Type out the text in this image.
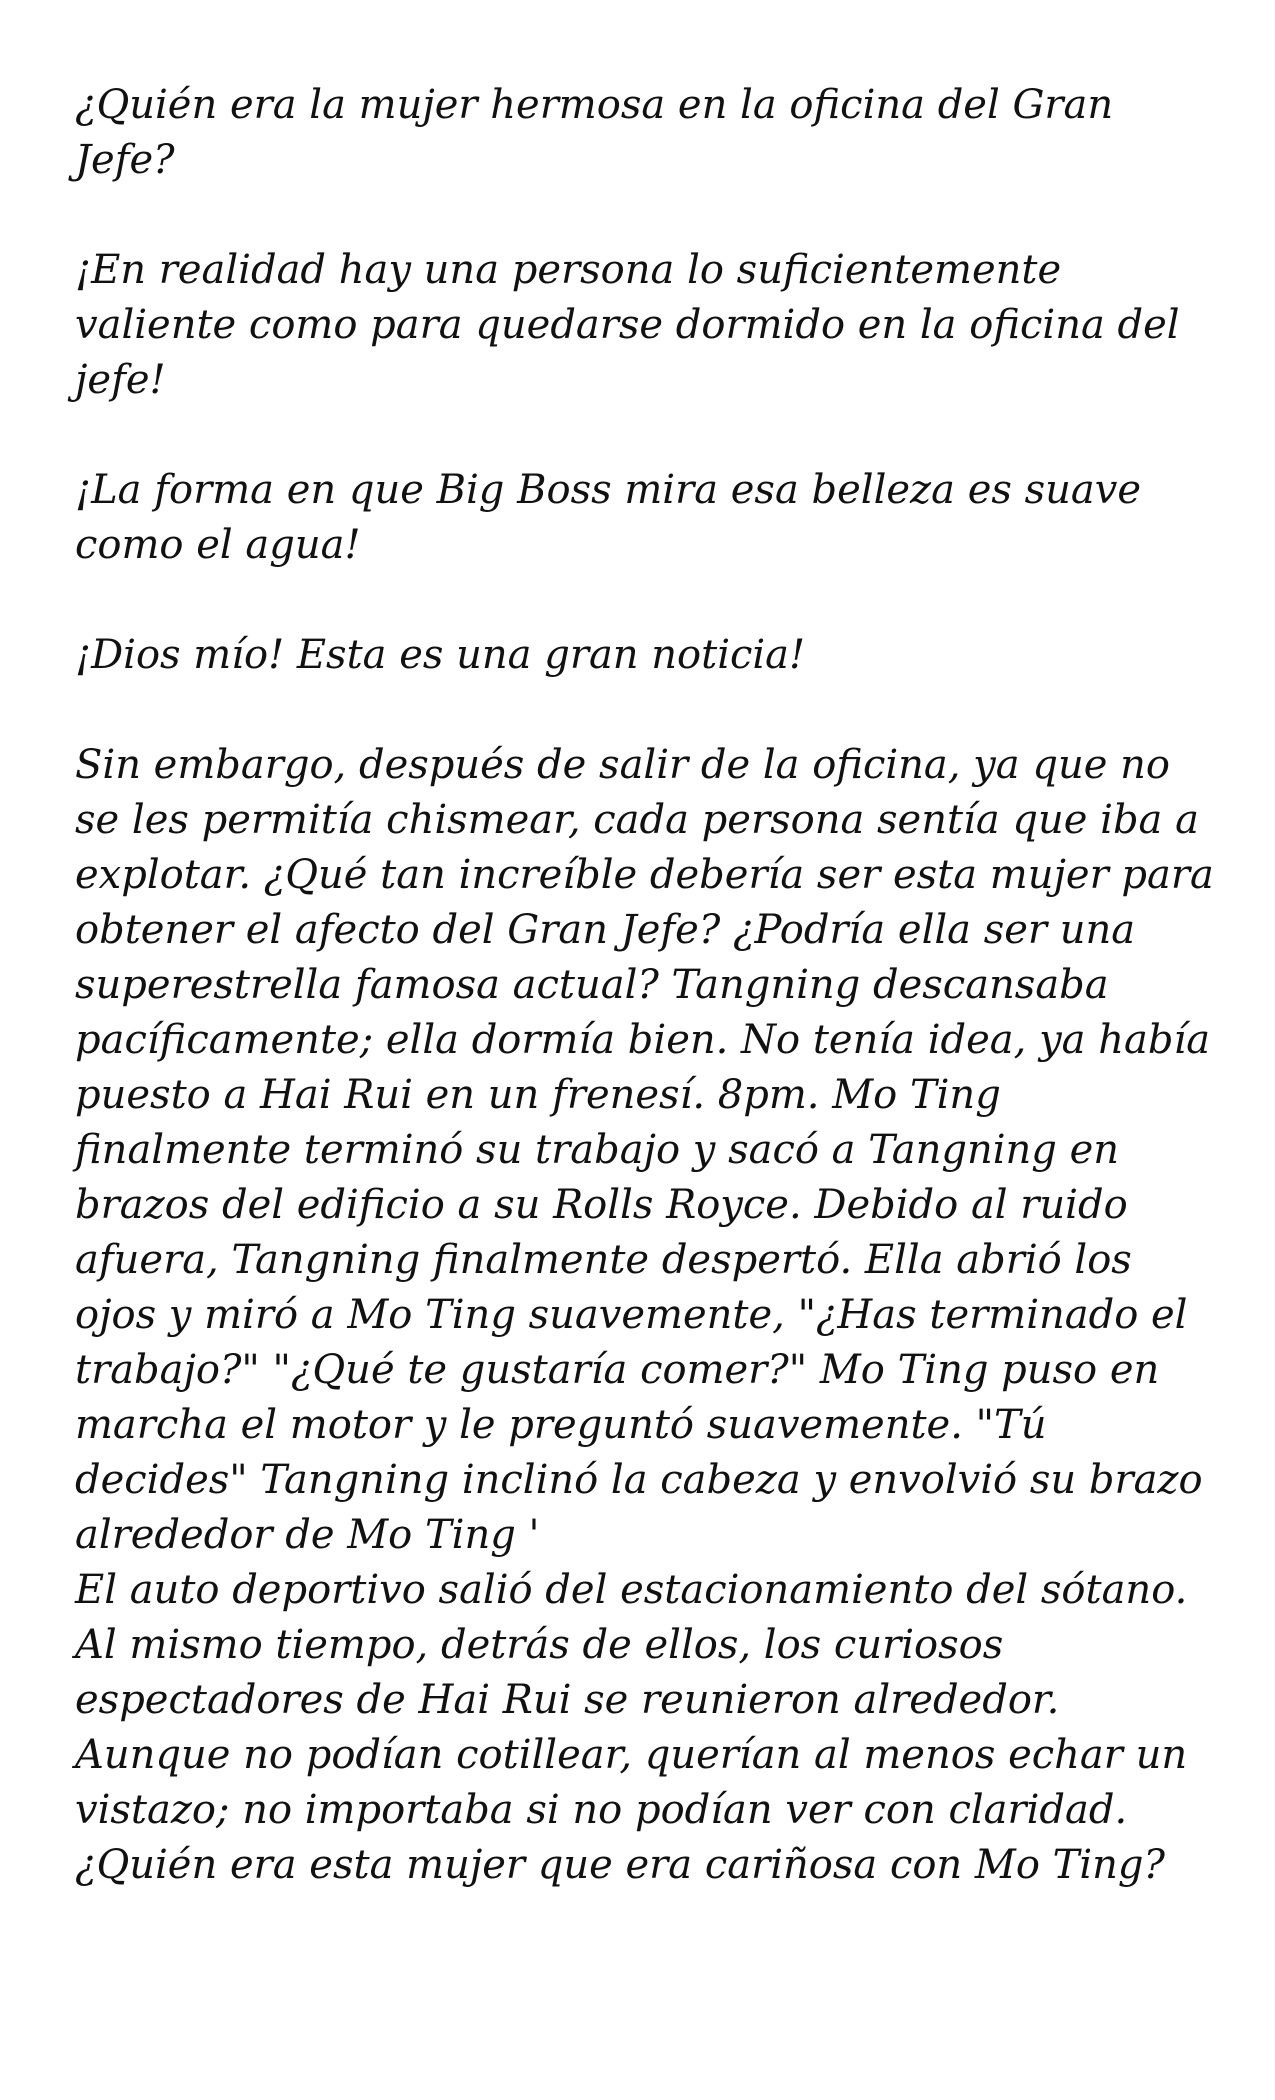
¿Quién era la mujer hermosa en la oficina del Gran Jefe?

¡En realidad hay una persona lo suficientemente valiente como para quedarse dormido en la oficina del jefe!

¡La forma en que Big Boss mira esa belleza es suave como el agua!

¡Dios mío! Esta es una gran noticia!

Sin embargo, después de salir de la oficina, ya que no se les permitía chismear, cada persona sentía que iba a explotar. ¿Qué tan increíble debería ser esta mujer para obtener el afecto del Gran Jefe? ¿Podría ella ser una superestrella famosa actual? Tangning descansaba pacíficamente; ella dormía bien. No tenía idea, ya había puesto a Hai Rui en un frenesí. 8pm. Mo Ting finalmente terminó su trabajo y sacó a Tangning en brazos del edificio a su Rolls Royce. Debido al ruido afuera, Tangning finalmente despertó. Ella abrió los ojos y miró a Mo Ting suavemente, "¿Has terminado el trabajo?" "¿Qué te gustaría comer?" Mo Ting puso en marcha el motor y le preguntó suavemente. "Tú decides" Tangning inclinó la cabeza y envolvió su brazo alrededor de Mo Ting '

El auto deportivo salió del estacionamiento del sótano. Al mismo tiempo, detrás de ellos, los curiosos espectadores de Hai Rui se reunieron alrededor. Aunque no podían cotillear, querían al menos echar un vistazo; no importaba si no podían ver con claridad. ¿Quién era esta mujer que era cariñosa con Mo Ting?
